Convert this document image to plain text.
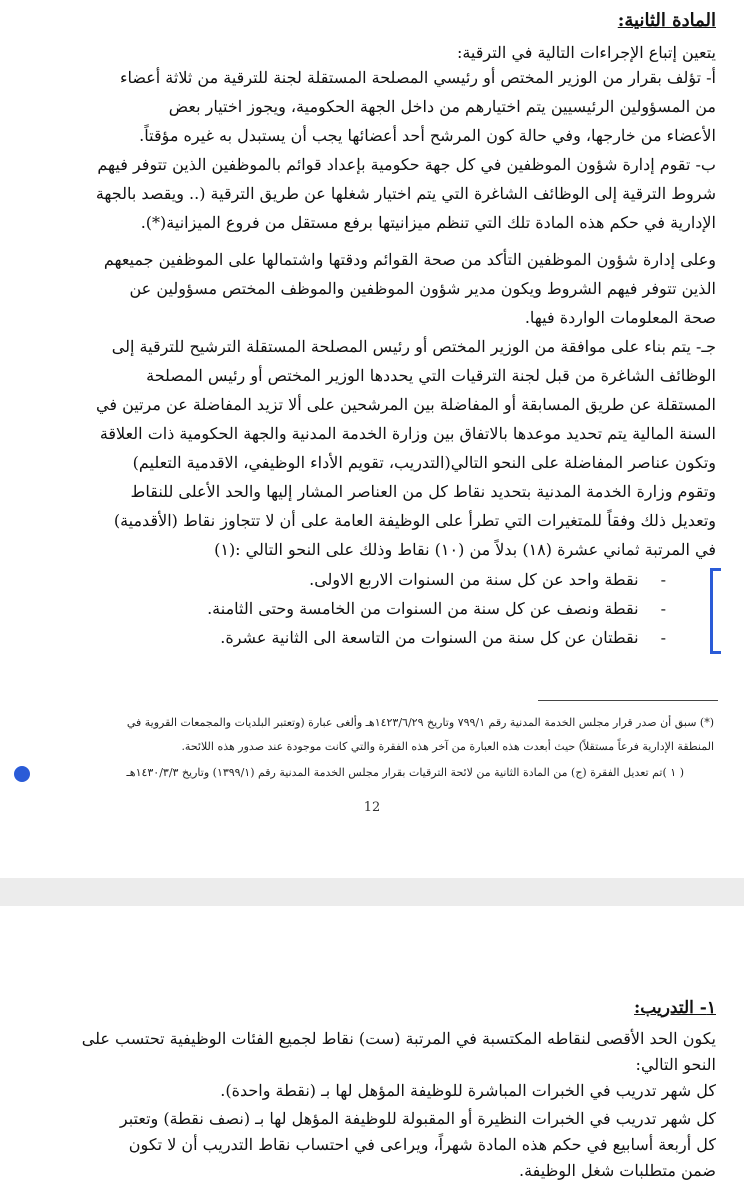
المادة الثانية:
يتعين إتباع الإجراءات التالية في الترقية:
أ- تؤلف بقرار من الوزير المختص أو رئيسي المصلحة المستقلة لجنة للترقية من ثلاثة أعضاء
من المسؤولين الرئيسيين يتم اختيارهم من داخل الجهة الحكومية، ويجوز اختيار بعض
الأعضاء من خارجها، وفي حالة كون المرشح أحد أعضائها يجب أن يستبدل به غيره مؤقتاً.
ب- تقوم إدارة شؤون الموظفين في كل جهة حكومية بإعداد قوائم بالموظفين الذين تتوفر فيهم
شروط الترقية إلى الوظائف الشاغرة التي يتم اختيار شغلها عن طريق الترقية (.. ويقصد بالجهة
الإدارية في حكم هذه المادة تلك التي تنظم ميزانيتها برفع مستقل من فروع الميزانية(*).
وعلى إدارة شؤون الموظفين التأكد من صحة القوائم ودقتها واشتمالها على الموظفين جميعهم
الذين تتوفر فيهم الشروط ويكون مدير شؤون الموظفين والموظف المختص مسؤولين عن
صحة المعلومات الواردة فيها.
جـ- يتم بناء على موافقة من الوزير المختص أو رئيس المصلحة المستقلة الترشيح للترقية إلى
الوظائف الشاغرة من قبل لجنة الترقيات التي يحددها الوزير المختص أو رئيس المصلحة
المستقلة عن طريق المسابقة أو المفاضلة بين المرشحين على ألا تزيد المفاضلة عن مرتين في
السنة المالية يتم تحديد موعدها بالاتفاق بين وزارة الخدمة المدنية والجهة الحكومية ذات العلاقة
وتكون عناصر المفاضلة على النحو التالي(التدريب، تقويم الأداء الوظيفي، الاقدمية التعليم)
وتقوم وزارة الخدمة المدنية بتحديد نقاط كل من العناصر المشار إليها والحد الأعلى للنقاط
وتعديل ذلك وفقاً للمتغيرات التي تطرأ على الوظيفة العامة على أن لا تتجاوز نقاط (الأقدمية)
في المرتبة ثماني عشرة (١٨) بدلاً من (١٠) نقاط وذلك على النحو التالي :(١)
-نقطة واحد عن كل سنة من السنوات الاربع الاولى.
-نقطة ونصف عن كل سنة من السنوات من الخامسة وحتى الثامنة.
-نقطتان عن كل سنة من السنوات من التاسعة الى الثانية عشرة.
(*) سبق أن صدر قرار مجلس الخدمة المدنية رقم ٧٩٩/١ وتاريخ ١٤٢٣/٦/٢٩هـ وألغى عبارة (وتعتبر البلديات والمجمعات القروية في
المنطقة الإدارية فرعاً مستقلاً) حيث أبعدت هذه العبارة من آخر هذه الفقرة والتي كانت موجودة عند صدور هذه اللائحة.
( ١ )تم تعديل الفقرة (ج) من المادة الثانية من لائحة الترقيات بقرار مجلس الخدمة المدنية رقم (١٣٩٩/١) وتاريخ ١٤٣٠/٣/٣هـ
12
١- التدريب:
يكون الحد الأقصى لنقاطه المكتسبة في المرتبة (ست) نقاط لجميع الفئات الوظيفية تحتسب على
النحو التالي:
كل شهر تدريب في الخبرات المباشرة للوظيفة المؤهل لها بـ (نقطة واحدة).
كل شهر تدريب في الخبرات النظيرة أو المقبولة للوظيفة المؤهل لها بـ (نصف نقطة) وتعتبر
كل أربعة أسابيع في حكم هذه المادة شهراً، ويراعى في احتساب نقاط التدريب أن لا تكون
ضمن متطلبات شغل الوظيفة.
